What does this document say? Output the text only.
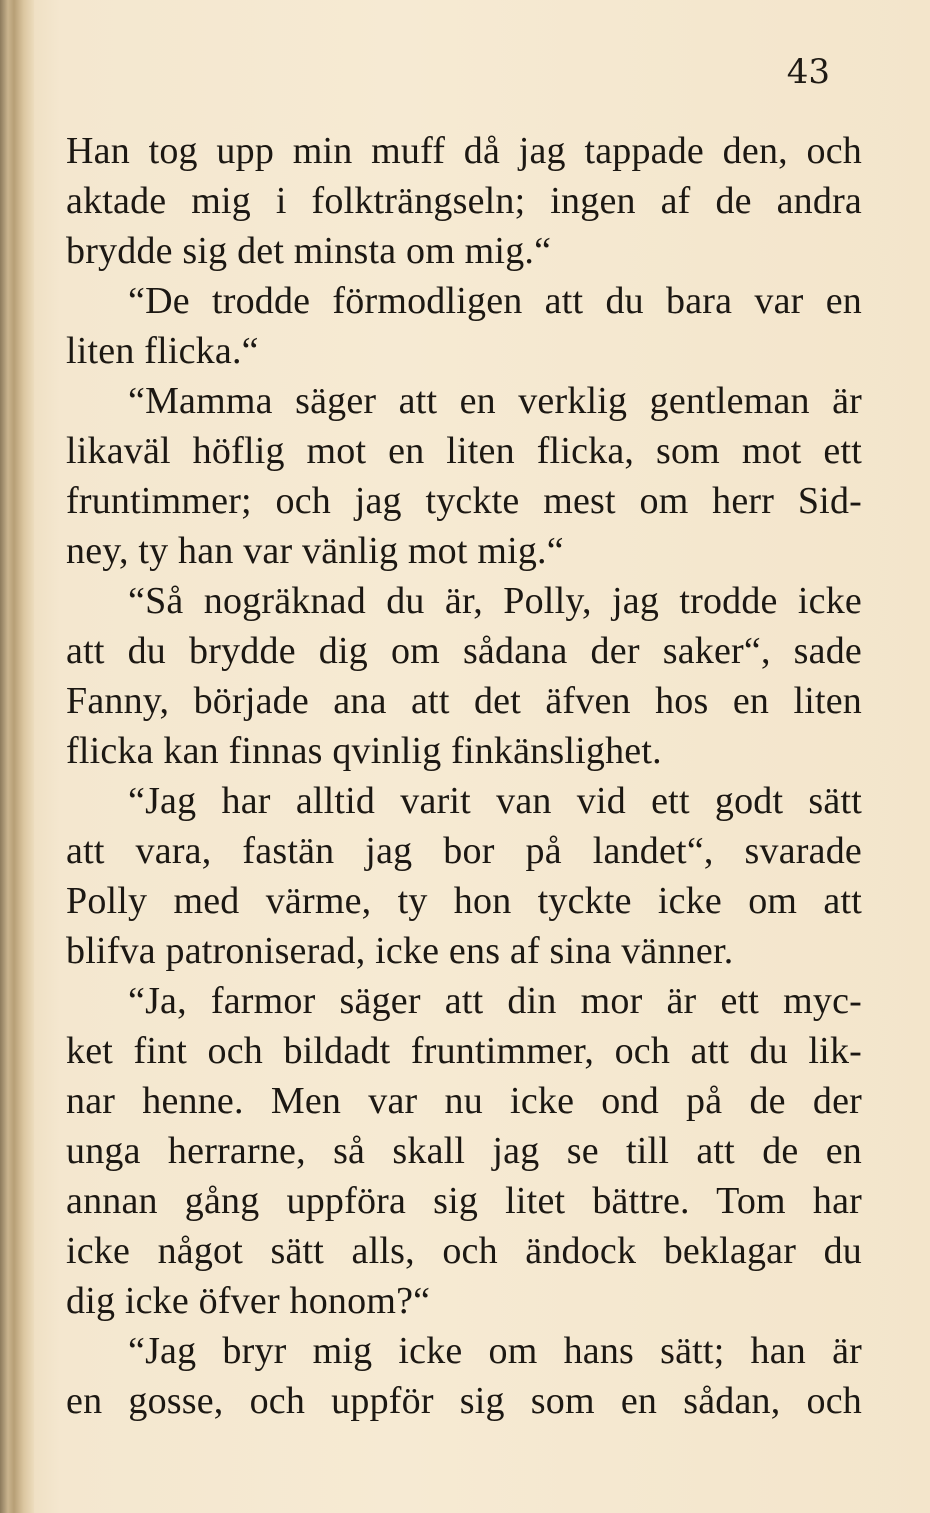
43
Han tog upp min muff då jag tappade den, och
aktade mig i folkträngseln; ingen af de andra
brydde sig det minsta om mig.“
“De trodde förmodligen att du bara var en
liten flicka.“
“Mamma säger att en verklig gentleman är
likaväl höflig mot en liten flicka, som mot ett
fruntimmer; och jag tyckte mest om herr Sid-
ney, ty han var vänlig mot mig.“
“Så nogräknad du är, Polly, jag trodde icke
att du brydde dig om sådana der saker“, sade
Fanny, började ana att det äfven hos en liten
flicka kan finnas qvinlig finkänslighet.
“Jag har alltid varit van vid ett godt sätt
att vara, fastän jag bor på landet“, svarade
Polly med värme, ty hon tyckte icke om att
blifva patroniserad, icke ens af sina vänner.
“Ja, farmor säger att din mor är ett myc-
ket fint och bildadt fruntimmer, och att du lik-
nar henne. Men var nu icke ond på de der
unga herrarne, så skall jag se till att de en
annan gång uppföra sig litet bättre. Tom har
icke något sätt alls, och ändock beklagar du
dig icke öfver honom?“
“Jag bryr mig icke om hans sätt; han är
en gosse, och uppför sig som en sådan, och
